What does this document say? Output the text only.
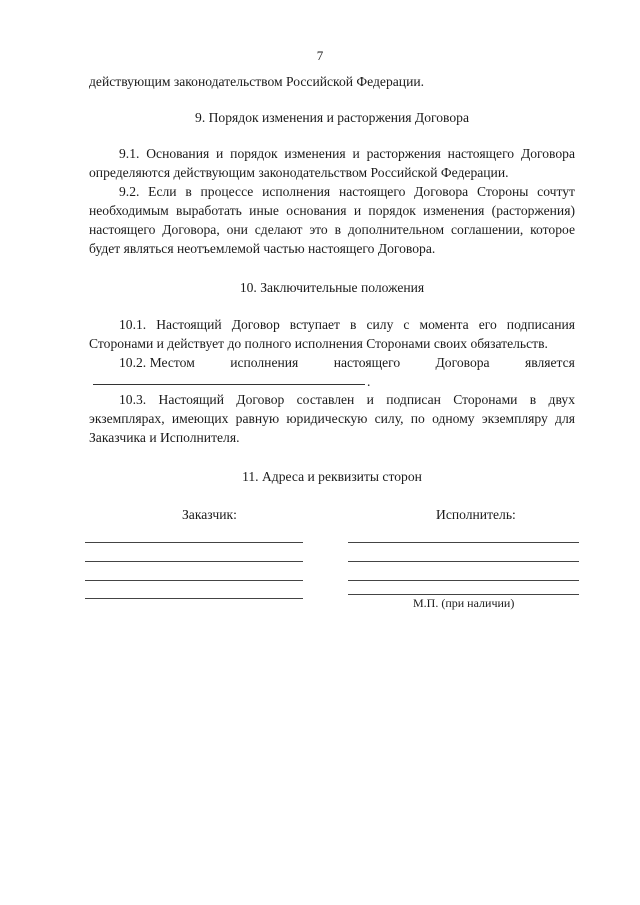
7

действующим законодательством Российской Федерации.

9. Порядок изменения и расторжения Договора

9.1. Основания и порядок изменения и расторжения настоящего Договора определяются действующим законодательством Российской Федерации.

9.2. Если в процессе исполнения настоящего Договора Стороны сочтут необходимым выработать иные основания и порядок изменения (расторжения) настоящего Договора, они сделают это в дополнительном соглашении, которое будет являться неотъемлемой частью настоящего Договора.

10. Заключительные положения

10.1. Настоящий Договор вступает в силу с момента его подписания Сторонами и действует до полного исполнения Сторонами своих обязательств.

10.2. Местом	исполнения	настоящего	Договора	является
.

10.3. Настоящий Договор составлен и подписан Сторонами в двух экземплярах, имеющих равную юридическую силу, по одному экземпляру для Заказчика и Исполнителя.

11. Адреса и реквизиты сторон

Заказчик:	Исполнитель:
М.П. (при наличии)
